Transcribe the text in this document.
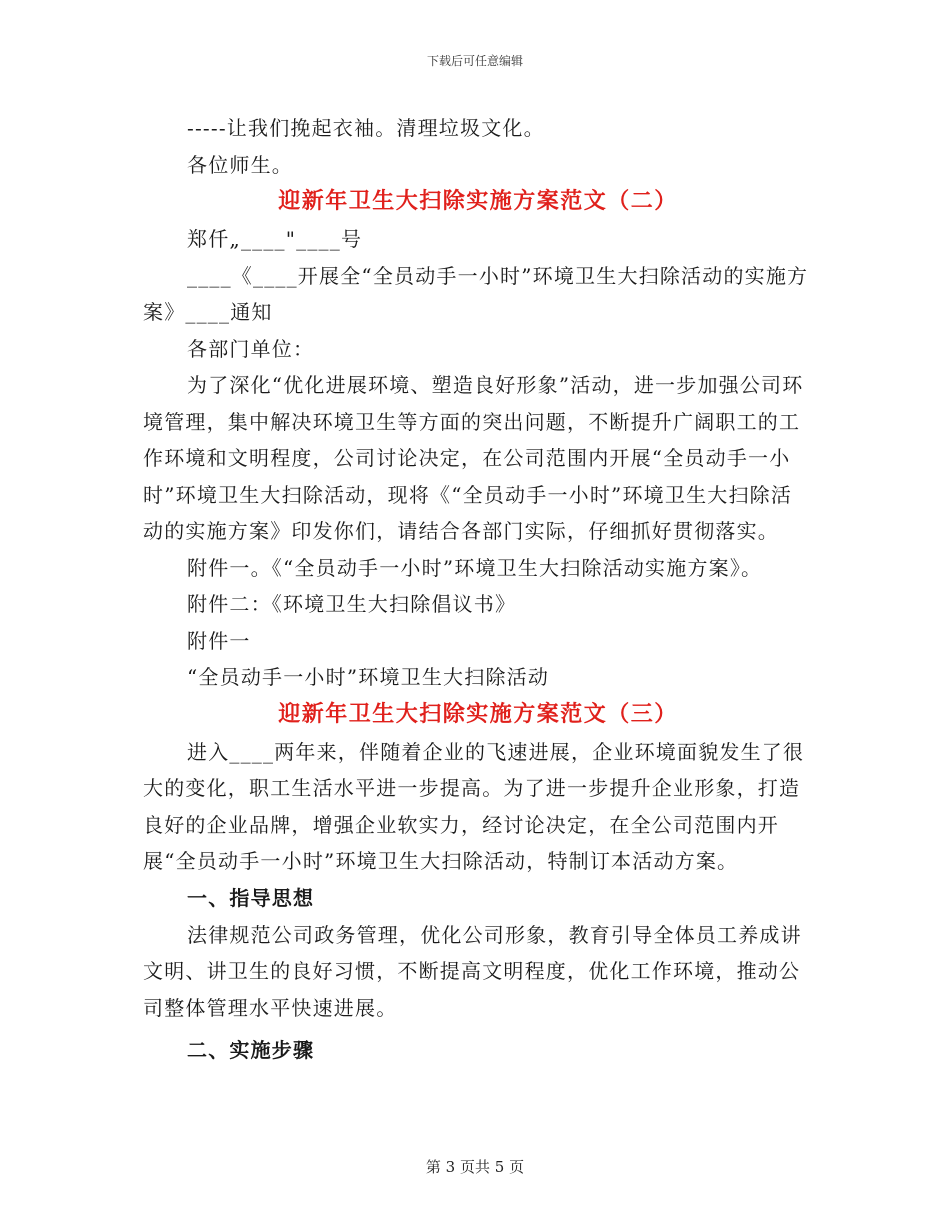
下载后可任意编辑

-----让我们挽起衣袖。清理垃圾文化。

各位师生。

迎新年卫生大扫除实施方案范文（二）

郑仟„____"____号

____《____开展全“全员动手一小时”环境卫生大扫除活动的实施方案》____通知

各部门单位：

为了深化“优化进展环境、塑造良好形象”活动，进一步加强公司环境管理，集中解决环境卫生等方面的突出问题，不断提升广阔职工的工作环境和文明程度，公司讨论决定，在公司范围内开展“全员动手一小时”环境卫生大扫除活动，现将《“全员动手一小时”环境卫生大扫除活动的实施方案》印发你们，请结合各部门实际，仔细抓好贯彻落实。

附件一。《“全员动手一小时”环境卫生大扫除活动实施方案》。

附件二：《环境卫生大扫除倡议书》

附件一

“全员动手一小时”环境卫生大扫除活动

迎新年卫生大扫除实施方案范文（三）

进入____两年来，伴随着企业的飞速进展，企业环境面貌发生了很大的变化，职工生活水平进一步提高。为了进一步提升企业形象，打造良好的企业品牌，增强企业软实力，经讨论决定，在全公司范围内开展“全员动手一小时”环境卫生大扫除活动，特制订本活动方案。

一、指导思想

法律规范公司政务管理，优化公司形象，教育引导全体员工养成讲文明、讲卫生的良好习惯，不断提高文明程度，优化工作环境，推动公司整体管理水平快速进展。

二、实施步骤

第 3 页共 5 页
